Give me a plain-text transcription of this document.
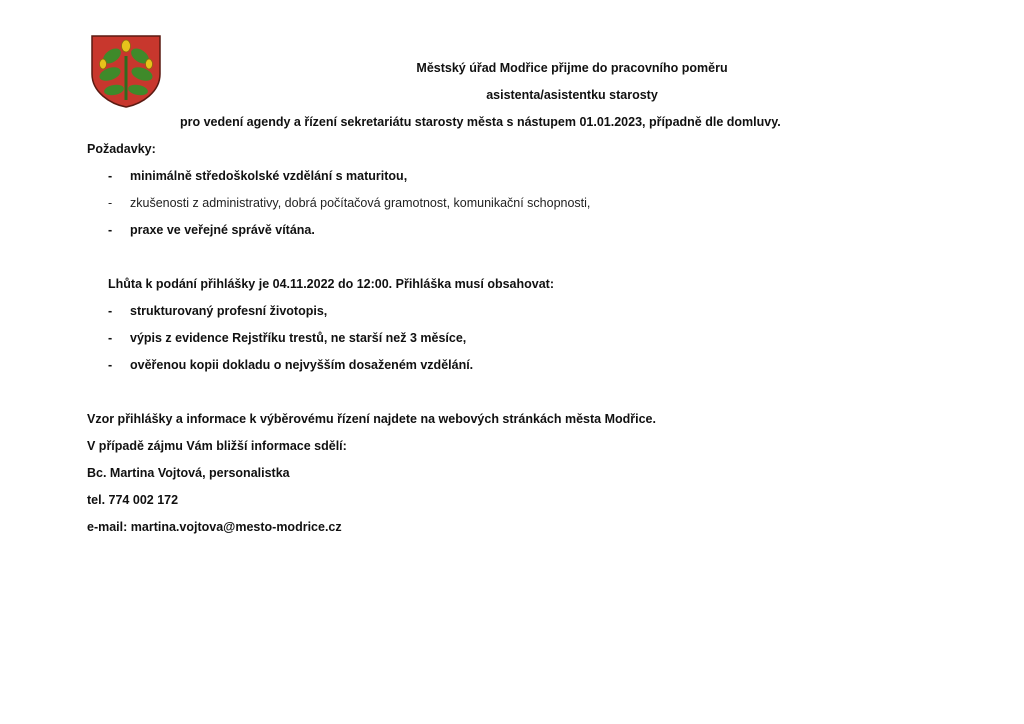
Městský úřad Modřice přijme do pracovního poměru
asistenta/asistentku starosty
pro vedení agendy a řízení sekretariátu starosty města s nástupem 01.01.2023, případně dle domluvy.
Požadavky:
- minimálně středoškolské vzdělání s maturitou,
- zkušenosti z administrativy, dobrá počítačová gramotnost, komunikační schopnosti,
- praxe ve veřejné správě vítána.
Lhůta k podání přihlášky je 04.11.2022 do 12:00. Přihláška musí obsahovat:
- strukturovaný profesní životopis,
- výpis z evidence Rejstříku trestů, ne starší než 3 měsíce,
- ověřenou kopii dokladu o nejvyšším dosaženém vzdělání.
Vzor přihlášky a informace k výběrovému řízení najdete na webových stránkách města Modřice.
V případě zájmu Vám bližší informace sdělí:
Bc. Martina Vojtová, personalistka
tel. 774 002 172
e-mail: martina.vojtova@mesto-modrice.cz
